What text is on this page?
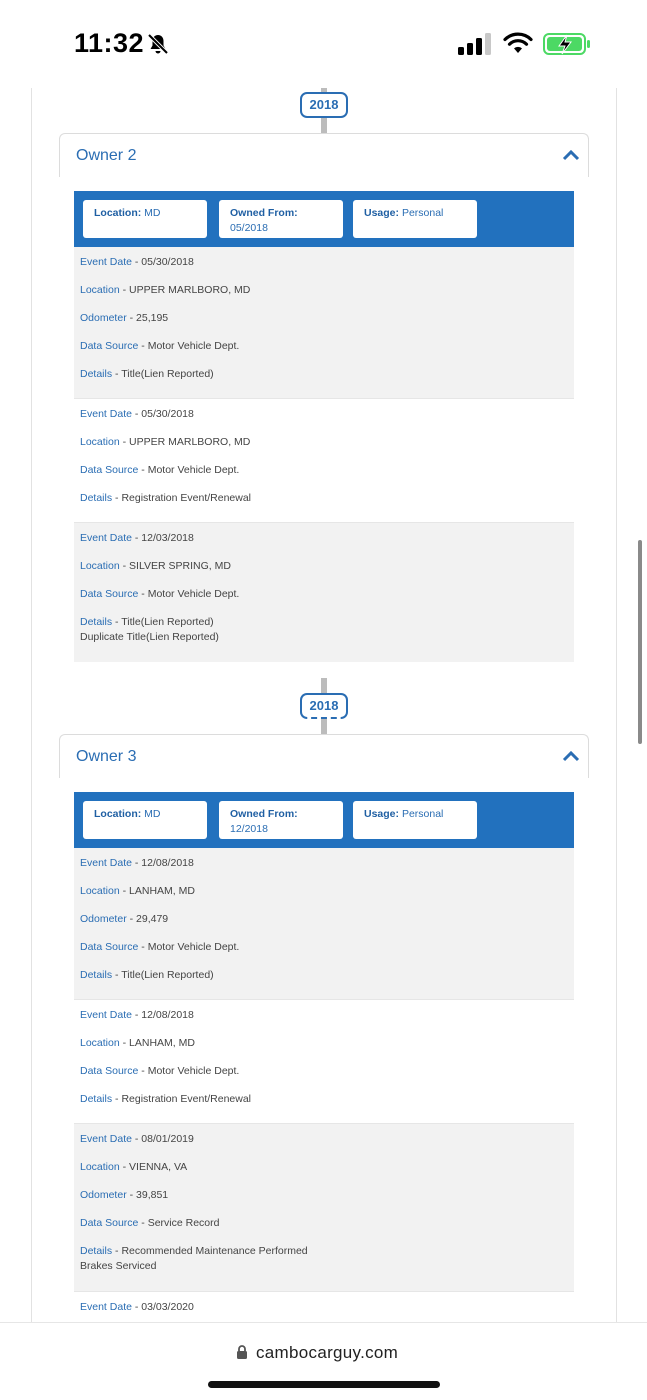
11:32
2018
Owner 2
Location: MD	Owned From:
05/2018
Usage: Personal
Event Date - 05/30/2018
Location - UPPER MARLBORO, MD
Odometer - 25,195
Data Source - Motor Vehicle Dept.
Details - Title(Lien Reported)
Event Date - 05/30/2018
Location - UPPER MARLBORO, MD
Data Source - Motor Vehicle Dept.
Details - Registration Event/Renewal
Event Date - 12/03/2018
Location - SILVER SPRING, MD
Data Source - Motor Vehicle Dept.
Details - Title(Lien Reported)
Duplicate Title(Lien Reported)
2018
Owner 3
Location: MD	Owned From:
12/2018
Usage: Personal
Event Date - 12/08/2018
Location - LANHAM, MD
Odometer - 29,479
Data Source - Motor Vehicle Dept.
Details - Title(Lien Reported)
Event Date - 12/08/2018
Location - LANHAM, MD
Data Source - Motor Vehicle Dept.
Details - Registration Event/Renewal
Event Date - 08/01/2019
Location - VIENNA, VA
Odometer - 39,851
Data Source - Service Record
Details - Recommended Maintenance Performed
Brakes Serviced
Event Date - 03/03/2020
cambocarguy.com
